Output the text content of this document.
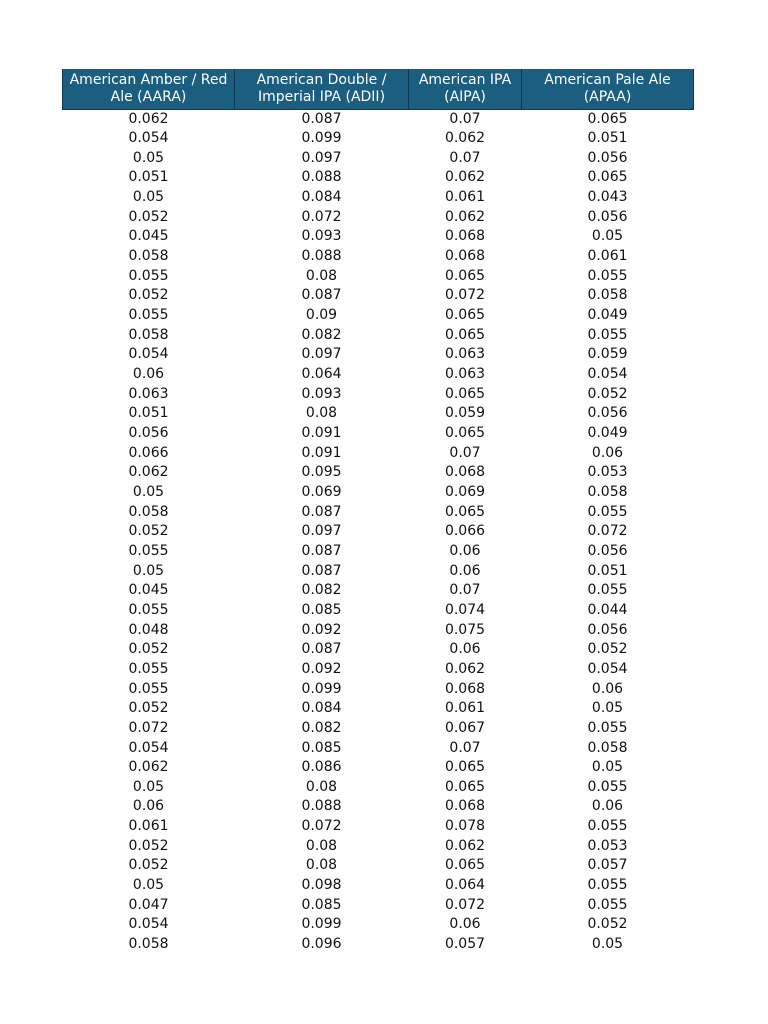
American Amber / Red Ale (AARA)	American Double / Imperial IPA (ADII)	American IPA (AIPA)	American Pale Ale (APAA)
0.062	0.087	0.07	0.065
0.054	0.099	0.062	0.051
0.05	0.097	0.07	0.056
0.051	0.088	0.062	0.065
0.05	0.084	0.061	0.043
0.052	0.072	0.062	0.056
0.045	0.093	0.068	0.05
0.058	0.088	0.068	0.061
0.055	0.08	0.065	0.055
0.052	0.087	0.072	0.058
0.055	0.09	0.065	0.049
0.058	0.082	0.065	0.055
0.054	0.097	0.063	0.059
0.06	0.064	0.063	0.054
0.063	0.093	0.065	0.052
0.051	0.08	0.059	0.056
0.056	0.091	0.065	0.049
0.066	0.091	0.07	0.06
0.062	0.095	0.068	0.053
0.05	0.069	0.069	0.058
0.058	0.087	0.065	0.055
0.052	0.097	0.066	0.072
0.055	0.087	0.06	0.056
0.05	0.087	0.06	0.051
0.045	0.082	0.07	0.055
0.055	0.085	0.074	0.044
0.048	0.092	0.075	0.056
0.052	0.087	0.06	0.052
0.055	0.092	0.062	0.054
0.055	0.099	0.068	0.06
0.052	0.084	0.061	0.05
0.072	0.082	0.067	0.055
0.054	0.085	0.07	0.058
0.062	0.086	0.065	0.05
0.05	0.08	0.065	0.055
0.06	0.088	0.068	0.06
0.061	0.072	0.078	0.055
0.052	0.08	0.062	0.053
0.052	0.08	0.065	0.057
0.05	0.098	0.064	0.055
0.047	0.085	0.072	0.055
0.054	0.099	0.06	0.052
0.058	0.096	0.057	0.05
